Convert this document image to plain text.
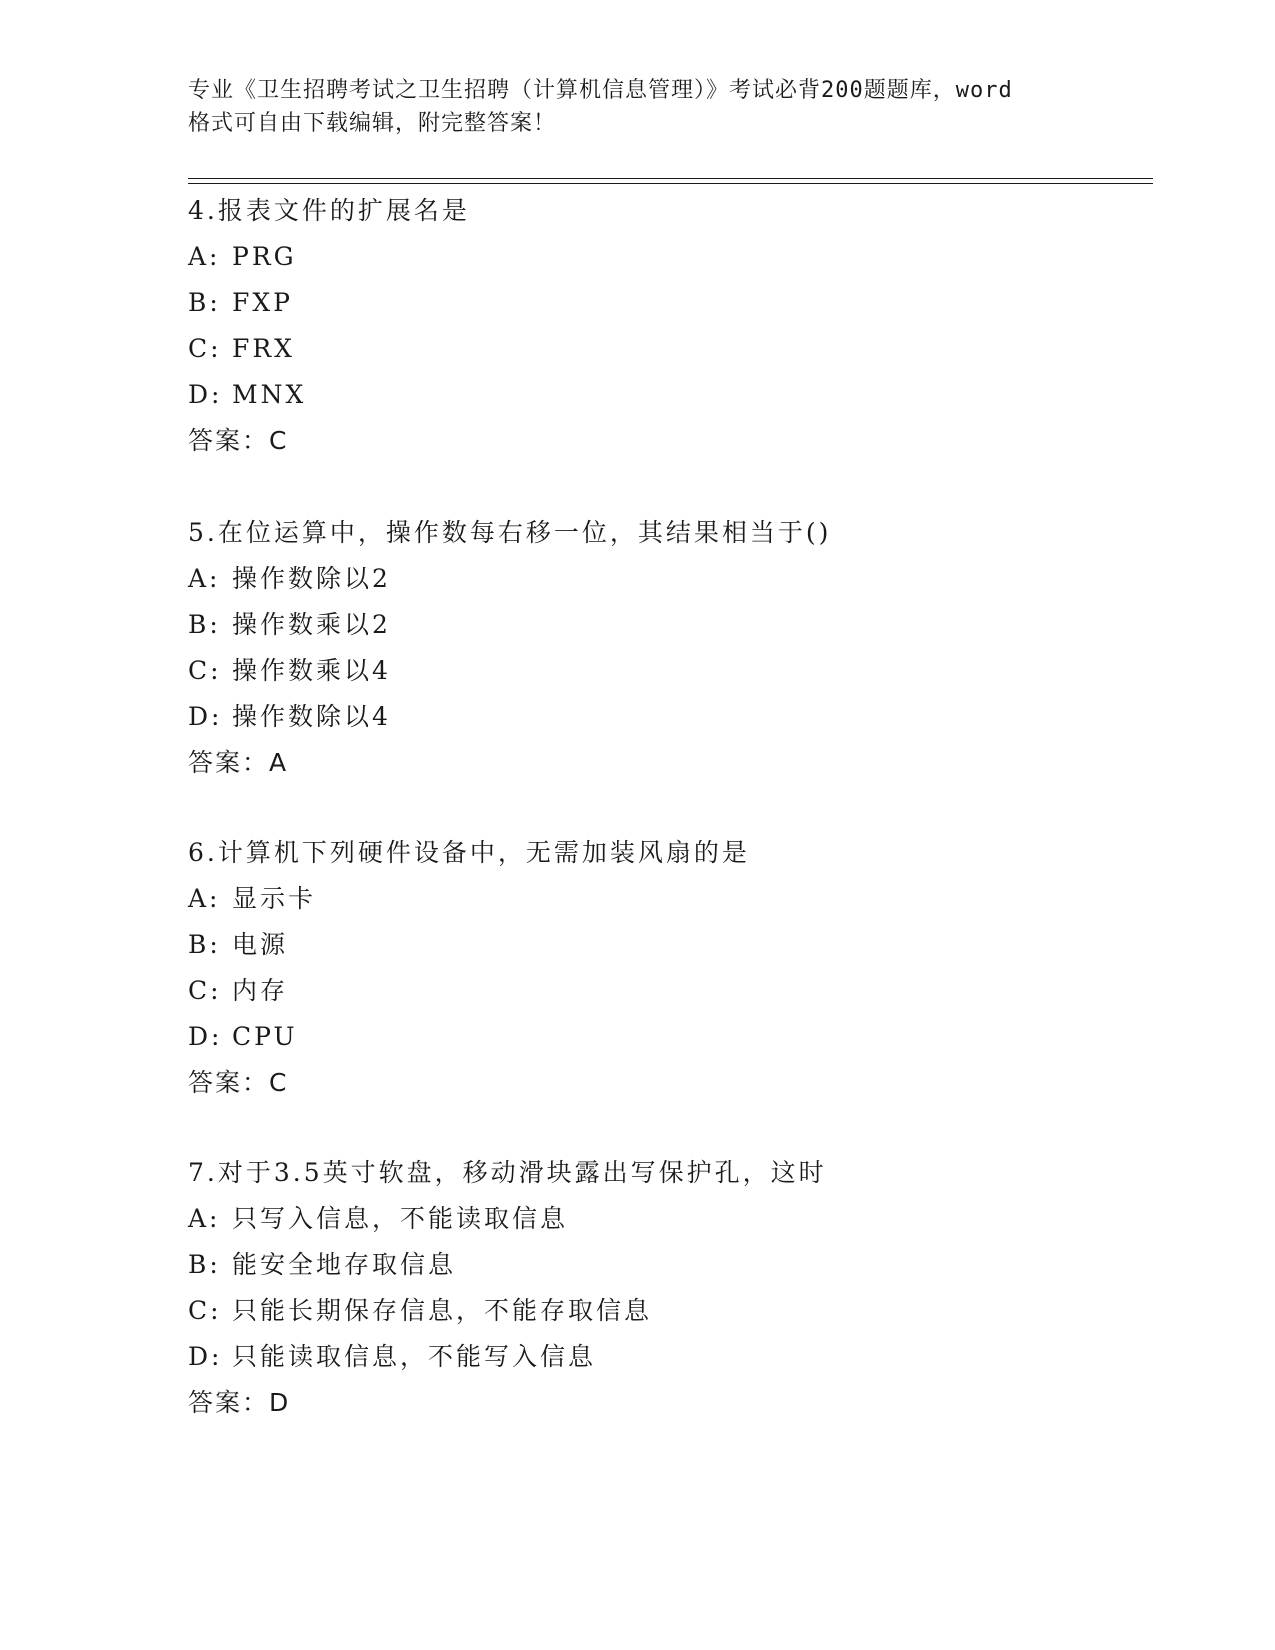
专业《卫生招聘考试之卫生招聘（计算机信息管理）》考试必背200题题库，word
格式可自由下载编辑，附完整答案！
4.报表文件的扩展名是
A: PRG
B: FXP
C: FRX
D: MNX
答案：C
5.在位运算中，操作数每右移一位，其结果相当于()
A: 操作数除以2
B: 操作数乘以2
C: 操作数乘以4
D: 操作数除以4
答案：A
6.计算机下列硬件设备中，无需加装风扇的是
A: 显示卡
B: 电源
C: 内存
D: CPU
答案：C
7.对于3.5英寸软盘，移动滑块露出写保护孔，这时
A: 只写入信息，不能读取信息
B: 能安全地存取信息
C: 只能长期保存信息，不能存取信息
D: 只能读取信息，不能写入信息
答案：D
